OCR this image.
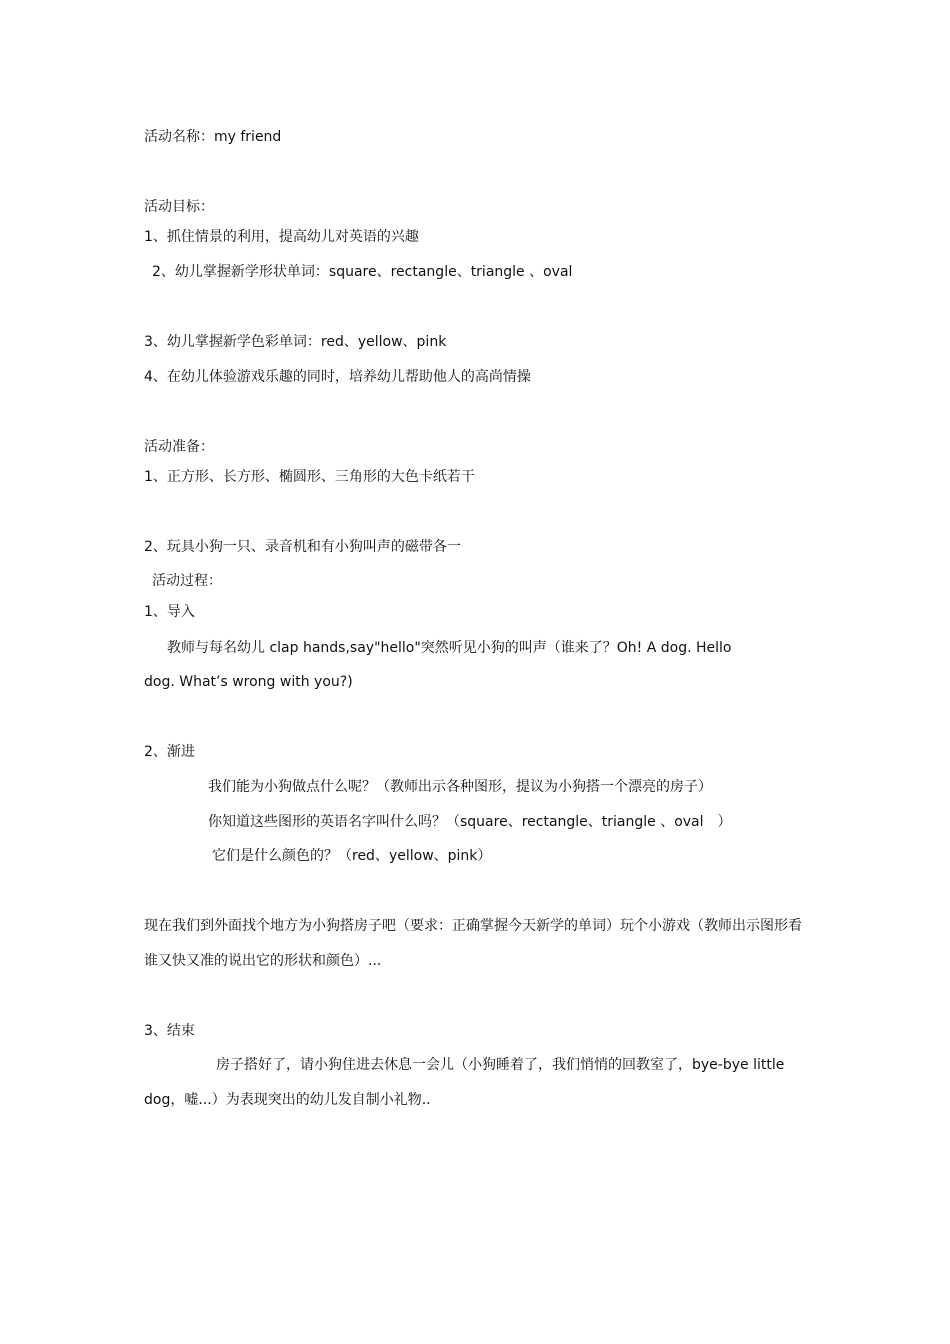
活动名称：my friend
活动目标：
1、抓住情景的利用，提高幼儿对英语的兴趣
2、幼儿掌握新学形状单词：square、rectangle、triangle 、oval
3、幼儿掌握新学色彩单词：red、yellow、pink
4、在幼儿体验游戏乐趣的同时，培养幼儿帮助他人的高尚情操
活动准备：
1、正方形、长方形、椭圆形、三角形的大色卡纸若干
2、玩具小狗一只、录音机和有小狗叫声的磁带各一
活动过程：
1、导入
教师与每名幼儿 clap hands,say"hello"突然听见小狗的叫声（谁来了？Oh! A dog. Hello
dog. What’s wrong with you?)
2、渐进
我们能为小狗做点什么呢？（教师出示各种图形，提议为小狗搭一个漂亮的房子）
你知道这些图形的英语名字叫什么吗？（square、rectangle、triangle 、oval　）
它们是什么颜色的？（red、yellow、pink）
现在我们到外面找个地方为小狗搭房子吧（要求：正确掌握今天新学的单词）玩个小游戏（教师出示图形看
谁又快又准的说出它的形状和颜色）...
3、结束
房子搭好了，请小狗住进去休息一会儿（小狗睡着了，我们悄悄的回教室了，bye-bye little
dog，嘘...）为表现突出的幼儿发自制小礼物..
